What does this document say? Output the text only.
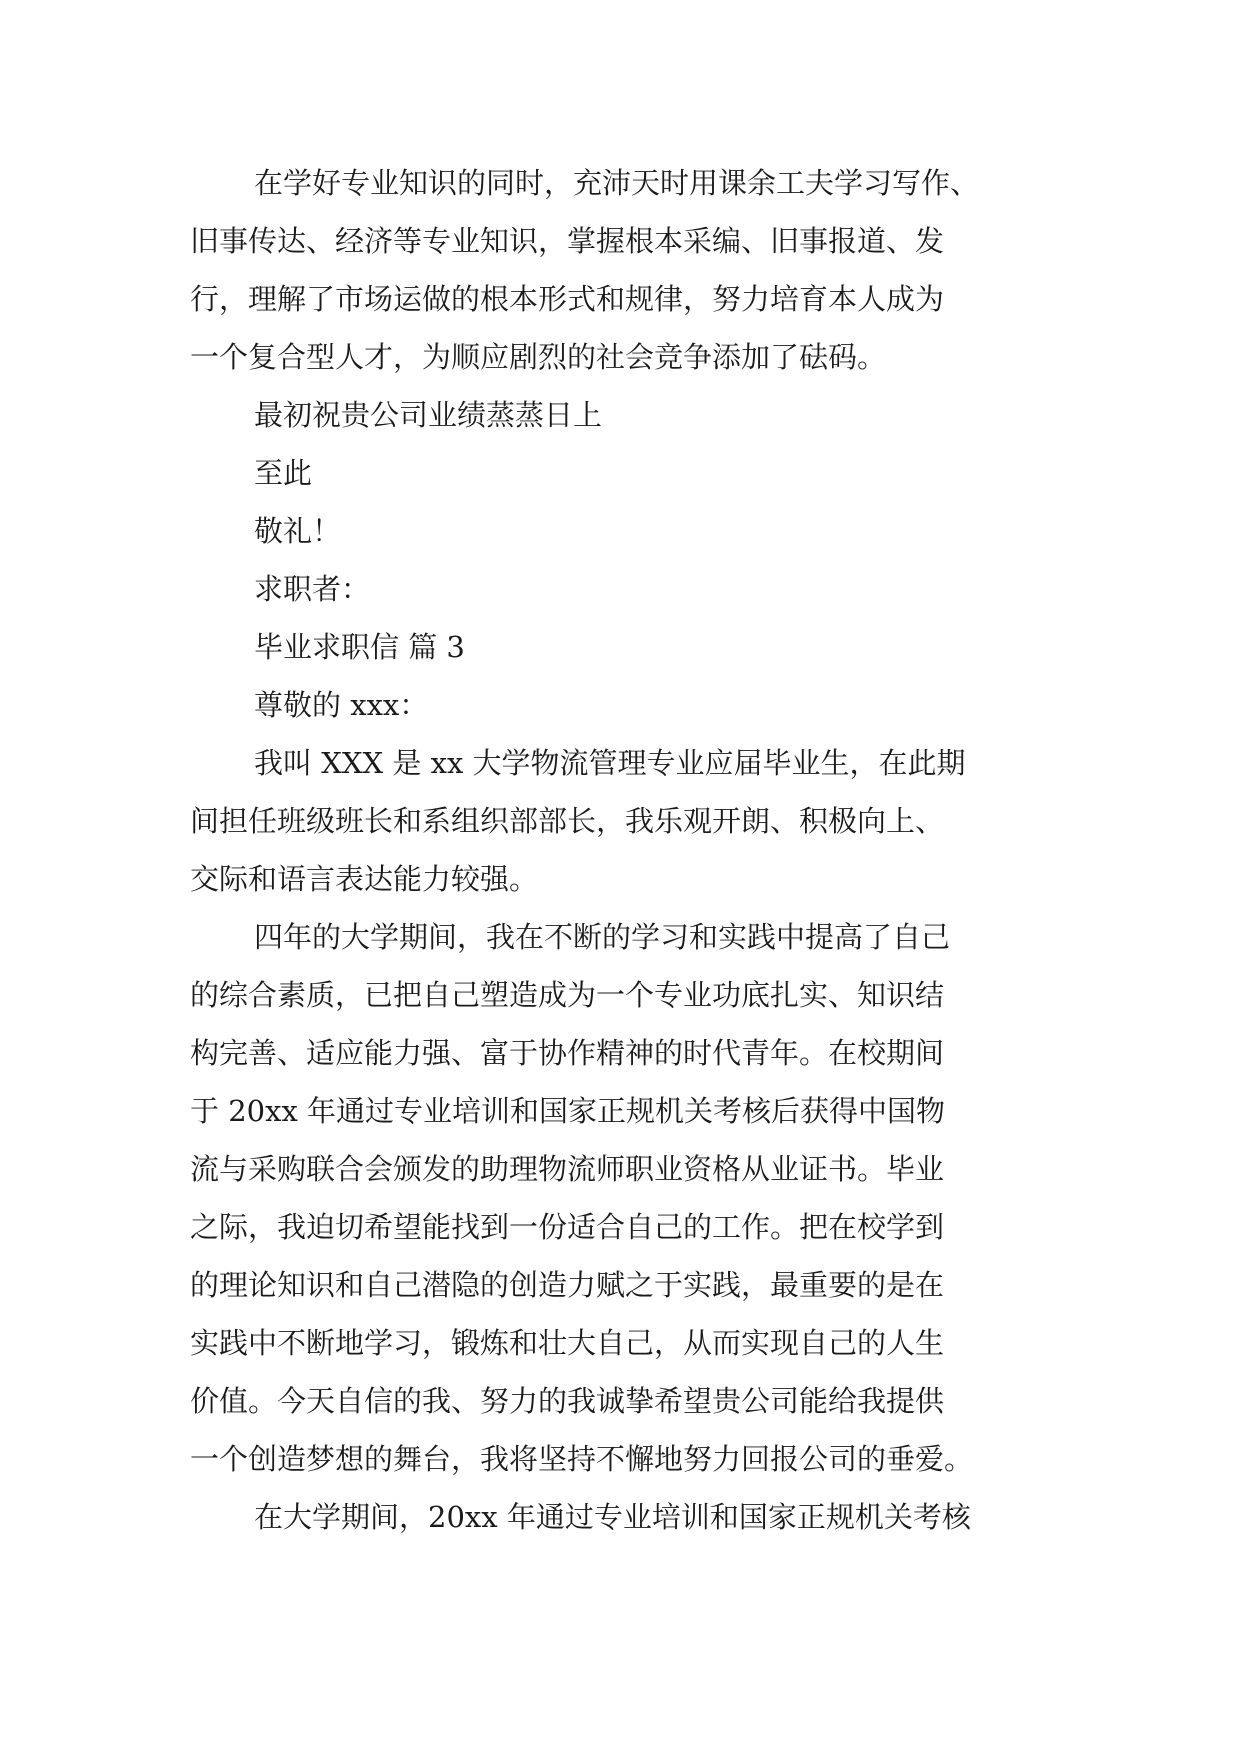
在学好专业知识的同时，充沛天时用课余工夫学习写作、
旧事传达、经济等专业知识，掌握根本采编、旧事报道、发
行，理解了市场运做的根本形式和规律，努力培育本人成为
一个复合型人才，为顺应剧烈的社会竞争添加了砝码。
最初祝贵公司业绩蒸蒸日上
至此
敬礼！
求职者：
毕业求职信 篇 3
尊敬的 xxx：
我叫 XXX 是 xx 大学物流管理专业应届毕业生，在此期
间担任班级班长和系组织部部长，我乐观开朗、积极向上、
交际和语言表达能力较强。
四年的大学期间，我在不断的学习和实践中提高了自己
的综合素质，已把自己塑造成为一个专业功底扎实、知识结
构完善、适应能力强、富于协作精神的时代青年。在校期间
于 20xx 年通过专业培训和国家正规机关考核后获得中国物
流与采购联合会颁发的助理物流师职业资格从业证书。毕业
之际，我迫切希望能找到一份适合自己的工作。把在校学到
的理论知识和自己潜隐的创造力赋之于实践，最重要的是在
实践中不断地学习，锻炼和壮大自己，从而实现自己的人生
价值。今天自信的我、努力的我诚挚希望贵公司能给我提供
一个创造梦想的舞台，我将坚持不懈地努力回报公司的垂爱。
在大学期间，20xx 年通过专业培训和国家正规机关考核
